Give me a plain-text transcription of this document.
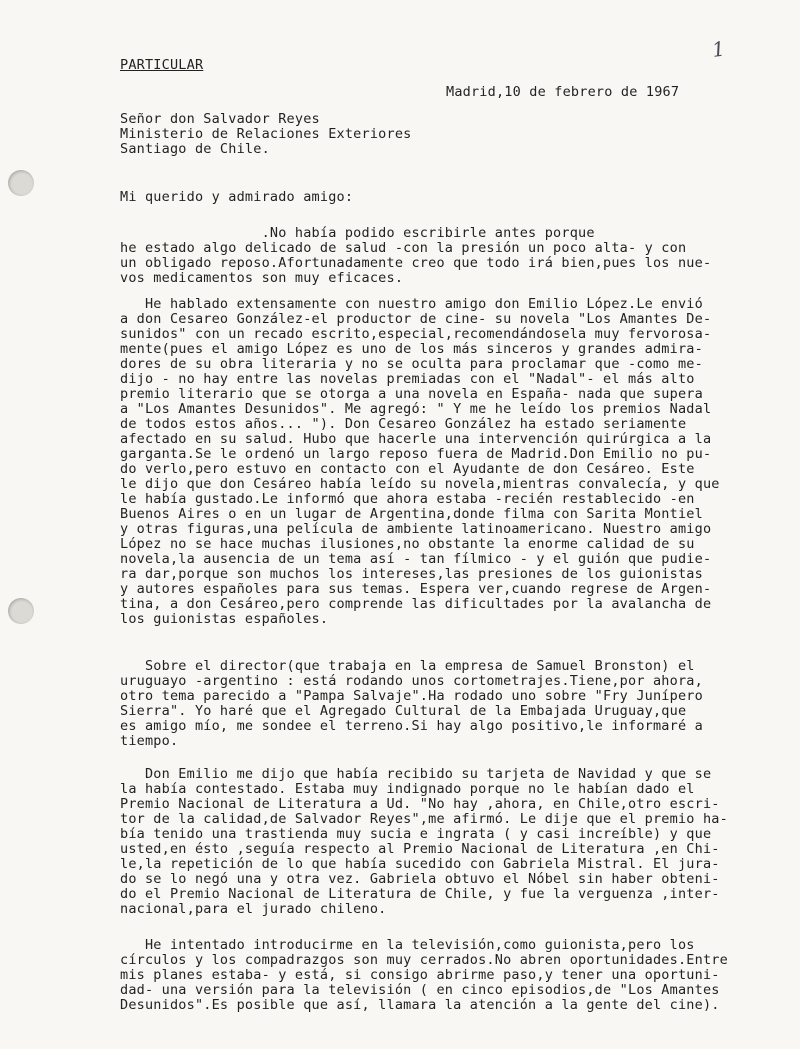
1
PARTICULAR
Madrid,10 de febrero de 1967
Señor don Salvador Reyes
Ministerio de Relaciones Exteriores
Santiago de Chile.
Mi querido y admirado amigo:
.No había podido escribirle antes porque
he estado algo delicado de salud -con la presión un poco alta- y con
un obligado reposo.Afortunadamente creo que todo irá bien,pues los nue-
vos medicamentos son muy eficaces.
He hablado extensamente con nuestro amigo don Emilio López.Le envió
a don Cesareo González-el productor de cine- su novela "Los Amantes De-
sunidos" con un recado escrito,especial,recomendándosela muy fervorosa-
mente(pues el amigo López es uno de los más sinceros y grandes admira-
dores de su obra literaria y no se oculta para proclamar que -como me-
dijo - no hay entre las novelas premiadas con el "Nadal"- el más alto
premio literario que se otorga a una novela en España- nada que supera
a "Los Amantes Desunidos". Me agregó: " Y me he leído los premios Nadal
de todos estos años... "). Don Cesareo González ha estado seriamente
afectado en su salud. Hubo que hacerle una intervención quirúrgica a la
garganta.Se le ordenó un largo reposo fuera de Madrid.Don Emilio no pu-
do verlo,pero estuvo en contacto con el Ayudante de don Cesáreo. Este
le dijo que don Cesáreo había leído su novela,mientras convalecía, y que
le había gustado.Le informó que ahora estaba -recién restablecido -en
Buenos Aires o en un lugar de Argentina,donde filma con Sarita Montiel
y otras figuras,una película de ambiente latinoamericano. Nuestro amigo
López no se hace muchas ilusiones,no obstante la enorme calidad de su
novela,la ausencia de un tema así - tan fílmico - y el guión que pudie-
ra dar,porque son muchos los intereses,las presiones de los guionistas
y autores españoles para sus temas. Espera ver,cuando regrese de Argen-
tina, a don Cesáreo,pero comprende las dificultades por la avalancha de
los guionistas españoles.
Sobre el director(que trabaja en la empresa de Samuel Bronston) el
uruguayo -argentino : está rodando unos cortometrajes.Tiene,por ahora,
otro tema parecido a "Pampa Salvaje".Ha rodado uno sobre "Fry Junípero
Sierra". Yo haré que el Agregado Cultural de la Embajada Uruguay,que
es amigo mío, me sondee el terreno.Si hay algo positivo,le informaré a
tiempo.
Don Emilio me dijo que había recibido su tarjeta de Navidad y que se
la había contestado. Estaba muy indignado porque no le habían dado el
Premio Nacional de Literatura a Ud. "No hay ,ahora, en Chile,otro escri-
tor de la calidad,de Salvador Reyes",me afirmó. Le dije que el premio ha-
bía tenido una trastienda muy sucia e ingrata ( y casi increíble) y que
usted,en ésto ,seguía respecto al Premio Nacional de Literatura ,en Chi-
le,la repetición de lo que había sucedido con Gabriela Mistral. El jura-
do se lo negó una y otra vez. Gabriela obtuvo el Nóbel sin haber obteni-
do el Premio Nacional de Literatura de Chile, y fue la verguenza ,inter-
nacional,para el jurado chileno.
He intentado introducirme en la televisión,como guionista,pero los
círculos y los compadrazgos son muy cerrados.No abren oportunidades.Entre
mis planes estaba- y está, si consigo abrirme paso,y tener una oportuni-
dad- una versión para la televisión ( en cinco episodios,de "Los Amantes
Desunidos".Es posible que así, llamara la atención a la gente del cine).
